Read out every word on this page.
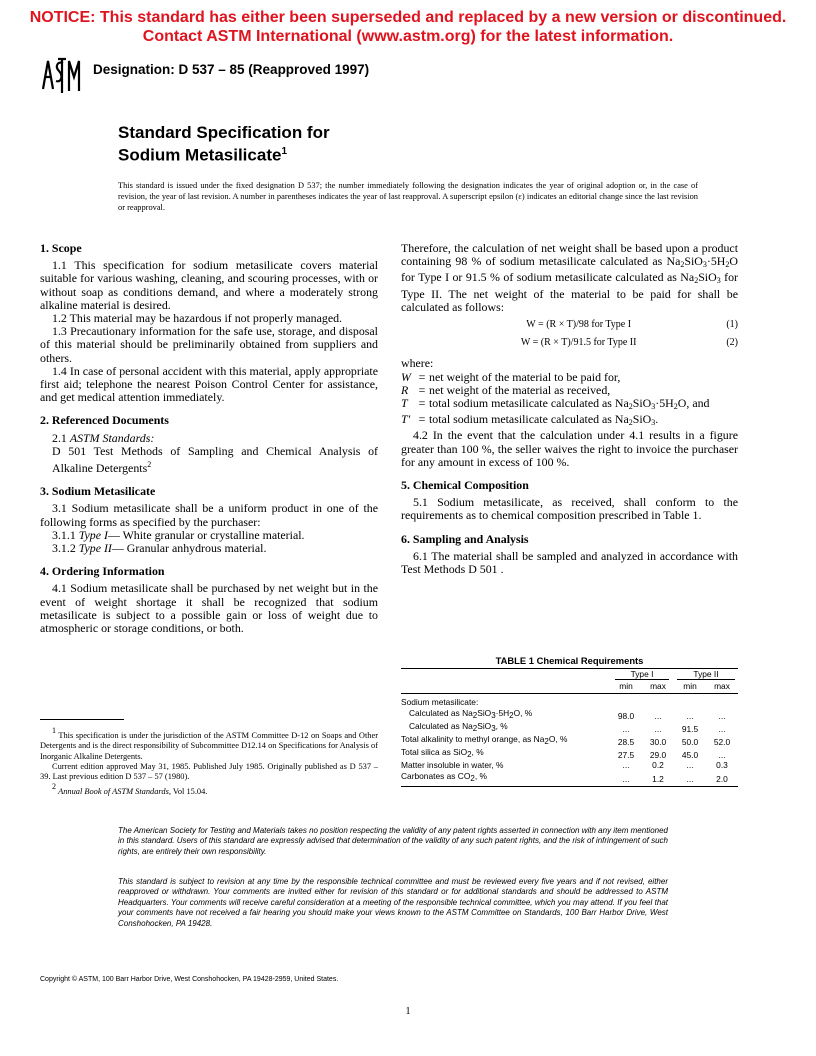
NOTICE: This standard has either been superseded and replaced by a new version or discontinued.
Contact ASTM International (www.astm.org) for the latest information.
Designation: D 537 – 85 (Reapproved 1997)
Standard Specification for
Sodium Metasilicate$^1$
This standard is issued under the fixed designation D 537; the number immediately following the designation indicates the year of original adoption or, in the case of revision, the year of last revision. A number in parentheses indicates the year of last reapproval. A superscript epsilon (ε) indicates an editorial change since the last revision or reapproval.
1. Scope

1.1 This specification for sodium metasilicate covers material suitable for various washing, cleaning, and scouring processes, with or without soap as conditions demand, and where a moderately strong alkaline material is desired.

1.2 This material may be hazardous if not properly managed.

1.3 Precautionary information for the safe use, storage, and disposal of this material should be preliminarily obtained from suppliers and others.

1.4 In case of personal accident with this material, apply appropriate first aid; telephone the nearest Poison Control Center for assistance, and get medical attention immediately.

2. Referenced Documents

2.1 ASTM Standards:

D 501 Test Methods of Sampling and Chemical Analysis of Alkaline Detergents$^2$

3. Sodium Metasilicate

3.1 Sodium metasilicate shall be a uniform product in one of the following forms as specified by the purchaser:

3.1.1 Type I— White granular or crystalline material.

3.1.2 Type II— Granular anhydrous material.

4. Ordering Information

4.1 Sodium metasilicate shall be purchased by net weight but in the event of weight shortage it shall be recognized that sodium metasilicate is subject to a possible gain or loss of weight due to atmospheric or storage conditions, or both.

1 This specification is under the jurisdiction of the ASTM Committee D-12 on Soaps and Other Detergents and is the direct responsibility of Subcommittee D12.14 on Specifications for Analysis of Inorganic Alkaline Detergents.

Current edition approved May 31, 1985. Published July 1985. Originally published as D 537 – 39. Last previous edition D 537 – 57 (1980).

2 Annual Book of ASTM Standards, Vol 15.04.

Therefore, the calculation of net weight shall be based upon a product containing 98 % of sodium metasilicate calculated as $Na_2SiO_3\cdot 5H_2O$ for Type I or 91.5 % of sodium metasilicate calculated as $Na_2SiO_3$ for Type II. The net weight of the material to be paid for shall be calculated as follows:

W = (R × T)/98 for Type I	(1)
W = (R × T)/91.5 for Type II	(2)
where:
W = net weight of the material to be paid for,
R = net weight of the material as received,
T = total sodium metasilicate calculated as $Na_2SiO_3\cdot 5H_2O$, and
T' = total sodium metasilicate calculated as $Na_2SiO_3$.

4.2 In the event that the calculation under 4.1 results in a figure greater than 100 %, the seller waives the right to invoice the purchaser for any amount in excess of 100 %.

5. Chemical Composition

5.1 Sodium metasilicate, as received, shall conform to the requirements as to chemical composition prescribed in Table 1.

6. Sampling and Analysis

6.1 The material shall be sampled and analyzed in accordance with Test Methods D 501 .

TABLE 1 Chemical Requirements
	Type I		Type II	
	min	max	min	max
Sodium metasilicate:				
Calculated as Na2SiO3·5H2O, %	98.0	...	...	...
Calculated as Na2SiO3, %	...	...	91.5	...
Total alkalinity to methyl orange, as Na2O, %	28.5	30.0	50.0	52.0
Total silica as SiO2, %	27.5	29.0	45.0	...
Matter insoluble in water, %	...	0.2	...	0.3
Carbonates as CO2, %	...	1.2	...	2.0
The American Society for Testing and Materials takes no position respecting the validity of any patent rights asserted in connection with any item mentioned in this standard. Users of this standard are expressly advised that determination of the validity of any such patent rights, and the risk of infringement of such rights, are entirely their own responsibility.
This standard is subject to revision at any time by the responsible technical committee and must be reviewed every five years and if not revised, either reapproved or withdrawn. Your comments are invited either for revision of this standard or for additional standards and should be addressed to ASTM Headquarters. Your comments will receive careful consideration at a meeting of the responsible technical committee, which you may attend. If you feel that your comments have not received a fair hearing you should make your views known to the ASTM Committee on Standards, 100 Barr Harbor Drive, West Conshohocken, PA 19428.
Copyright © ASTM, 100 Barr Harbor Drive, West Conshohocken, PA 19428-2959, United States.
1
